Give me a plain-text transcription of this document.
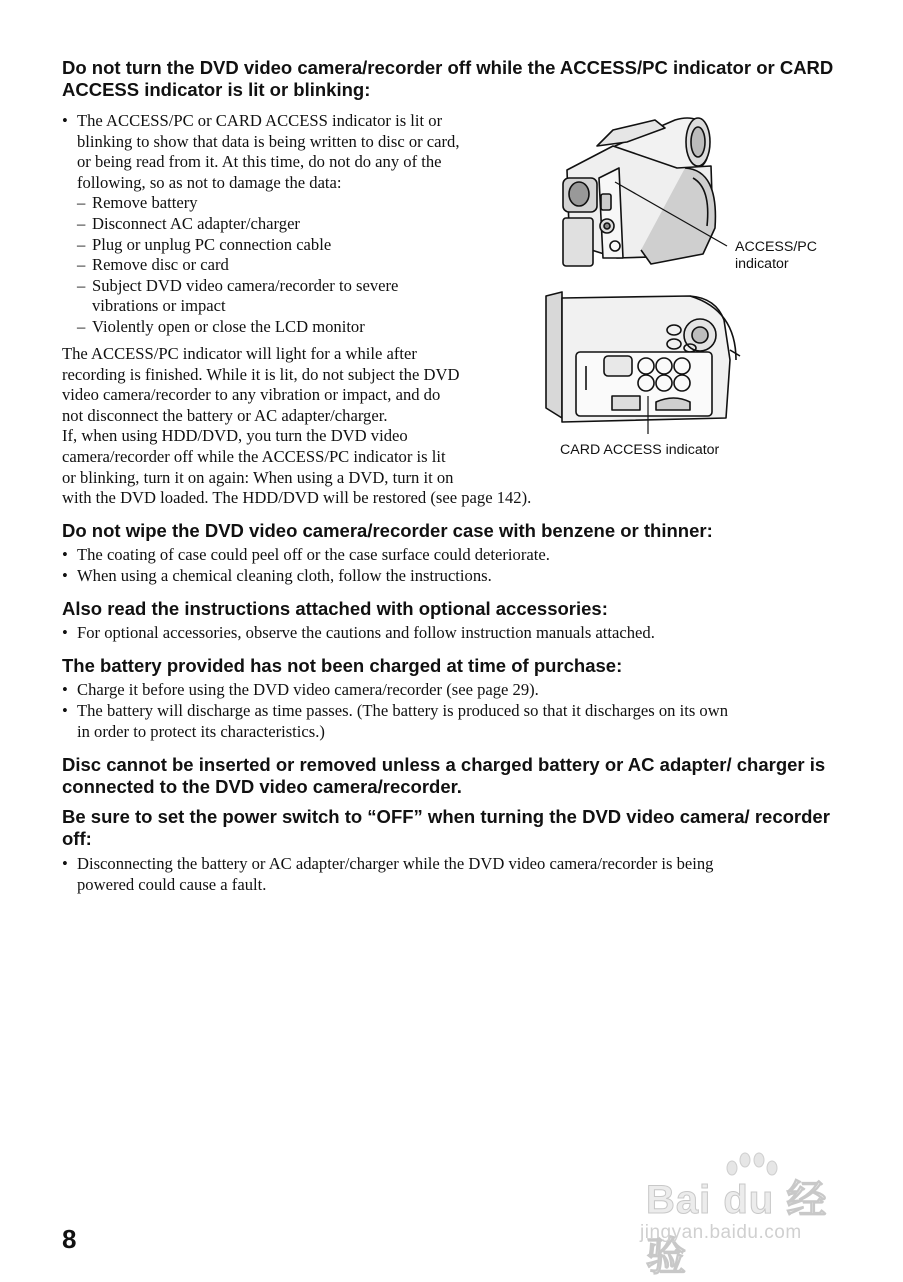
Do not turn the DVD video camera/recorder off while the ACCESS/PC indicator or CARD ACCESS indicator is lit or blinking:
• The ACCESS/PC or CARD ACCESS indicator is lit or
blinking to show that data is being written to disc or card,
or being read from it. At this time, do not do any of the
following, so as not to damage the data:
– Remove battery
– Disconnect AC adapter/charger
– Plug or unplug PC connection cable
– Remove disc or card
– Subject DVD video camera/recorder to severe
vibrations or impact
– Violently open or close the LCD monitor
The ACCESS/PC indicator will light for a while after
recording is finished. While it is lit, do not subject the DVD
video camera/recorder to any vibration or impact, and do
not disconnect the battery or AC adapter/charger.
If, when using HDD/DVD, you turn the DVD video
camera/recorder off while the ACCESS/PC indicator is lit
or blinking, turn it on again: When using a DVD, turn it on
with the DVD loaded. The HDD/DVD will be restored (see page 142).
ACCESS/PC
indicator
CARD ACCESS indicator
Do not wipe the DVD video camera/recorder case with benzene or thinner:
• The coating of case could peel off or the case surface could deteriorate.
• When using a chemical cleaning cloth, follow the instructions.
Also read the instructions attached with optional accessories:
• For optional accessories, observe the cautions and follow instruction manuals attached.
The battery provided has not been charged at time of purchase:
• Charge it before using the DVD video camera/recorder (see page 29).
• The battery will discharge as time passes. (The battery is produced so that it discharges on its own
in order to protect its characteristics.)
Disc cannot be inserted or removed unless a charged battery or AC adapter/ charger is connected to the DVD video camera/recorder.
Be sure to set the power switch to “OFF” when turning the DVD video camera/ recorder off:
• Disconnecting the battery or AC adapter/charger while the DVD video camera/recorder is being
powered could cause a fault.
Bai du 经验
jingyan.baidu.com
8
